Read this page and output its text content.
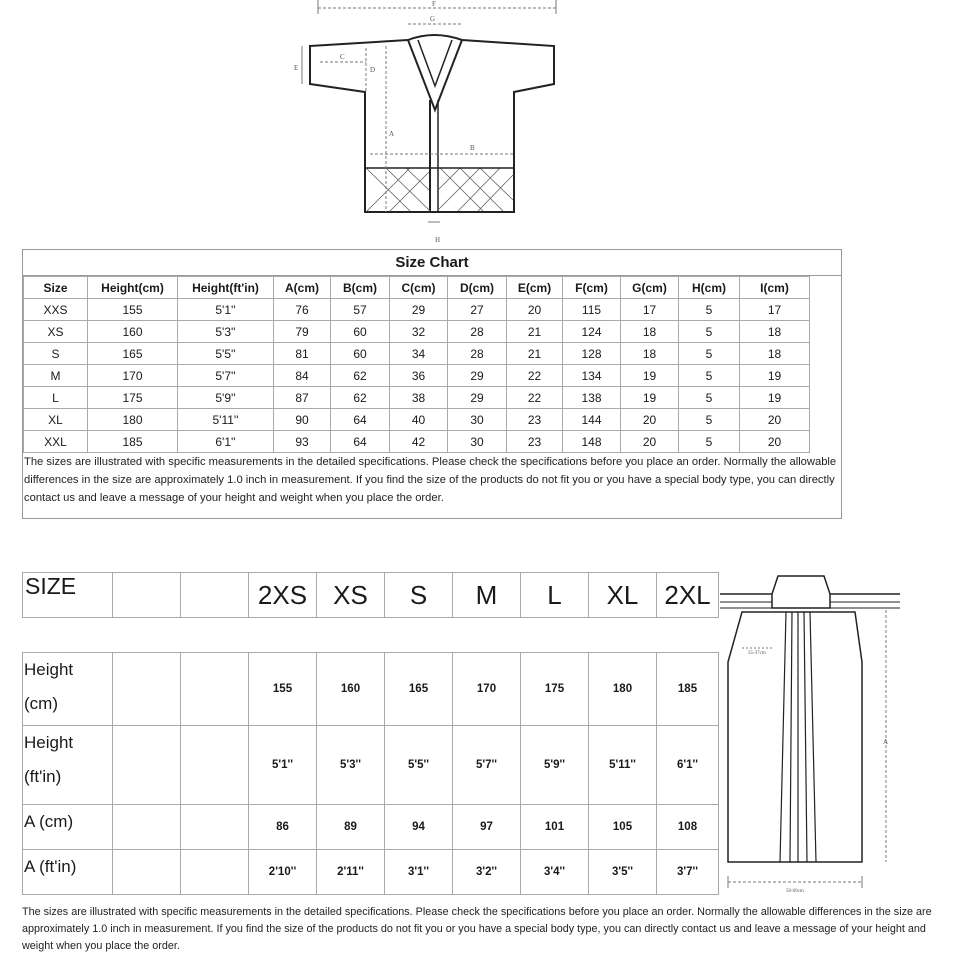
F
G
E
C
D
A
B
H
Size Chart
Size	Height(cm)	Height(ft'in)	A(cm)	B(cm)	C(cm)	D(cm)	E(cm)	F(cm)	G(cm)	H(cm)	I(cm)
XXS	155	5'1''	76	57	29	27	20	115	17	5	17
XS	160	5'3''	79	60	32	28	21	124	18	5	18
S	165	5'5''	81	60	34	28	21	128	18	5	18
M	170	5'7''	84	62	36	29	22	134	19	5	19
L	175	5'9''	87	62	38	29	22	138	19	5	19
XL	180	5'11''	90	64	40	30	23	144	20	5	20
XXL	185	6'1''	93	64	42	30	23	148	20	5	20
The sizes are illustrated with specific measurements in the detailed specifications. Please check the specifications before you place an order. Normally the allowable differences in the size are approximately 1.0 inch in measurement. If you find the size of the products do not fit you or you have a special body type, you can directly contact us and leave a message of your height and weight when you place the order.
SIZE			2XS	XS	S	M	L	XL	2XL

Height
(cm)			155	160	165	170	175	180	185

Height
(ft'in)			5'1''	5'3''	5'5''	5'7''	5'9''	5'11''	6'1''

A (cm)			86	89	94	97	101	105	108

A (ft'in)			2'10''	2'11''	3'1''	3'2''	3'4''	3'5''	3'7''
The sizes are illustrated with specific measurements in the detailed specifications. Please check the specifications before you place an order. Normally the allowable differences in the size are approximately 1.0 inch in measurement. If you find the size of the products do not fit you or you have a special body type, you can directly contact us and leave a message of your height and weight when you place the order.
A
35-37cm
56-60cm
